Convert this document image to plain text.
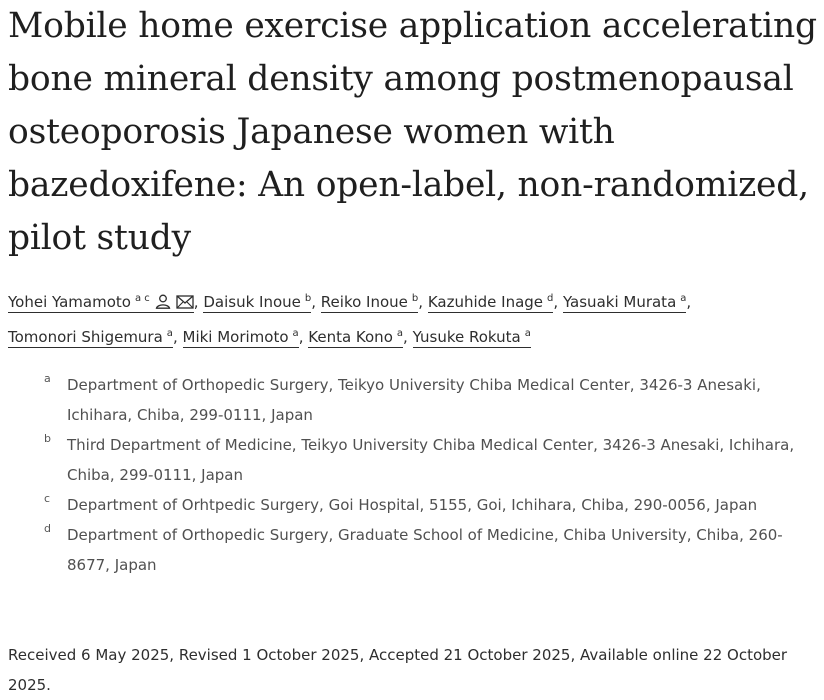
Mobile home exercise application accelerating bone mineral density among postmenopausal osteoporosis Japanese women with bazedoxifene: An open-label, non-randomized, pilot study
Yohei Yamamoto $^{a c}$	, Daisuk Inoue $^b$, Reiko Inoue $^b$, Kazuhide Inage $^d$, Yasuaki Murata $^a$,
Tomonori Shigemura $^a$, Miki Morimoto $^a$, Kenta Kono $^a$, Yusuke Rokuta $^a$
a Department of Orthopedic Surgery, Teikyo University Chiba Medical Center, 3426-3 Anesaki, Ichihara, Chiba, 299-0111, Japan
b Third Department of Medicine, Teikyo University Chiba Medical Center, 3426-3 Anesaki, Ichihara, Chiba, 299-0111, Japan
c Department of Orhtpedic Surgery, Goi Hospital, 5155, Goi, Ichihara, Chiba, 290-0056, Japan
d Department of Orthopedic Surgery, Graduate School of Medicine, Chiba University, Chiba, 260-8677, Japan
Received 6 May 2025, Revised 1 October 2025, Accepted 21 October 2025, Available online 22 October 2025.
